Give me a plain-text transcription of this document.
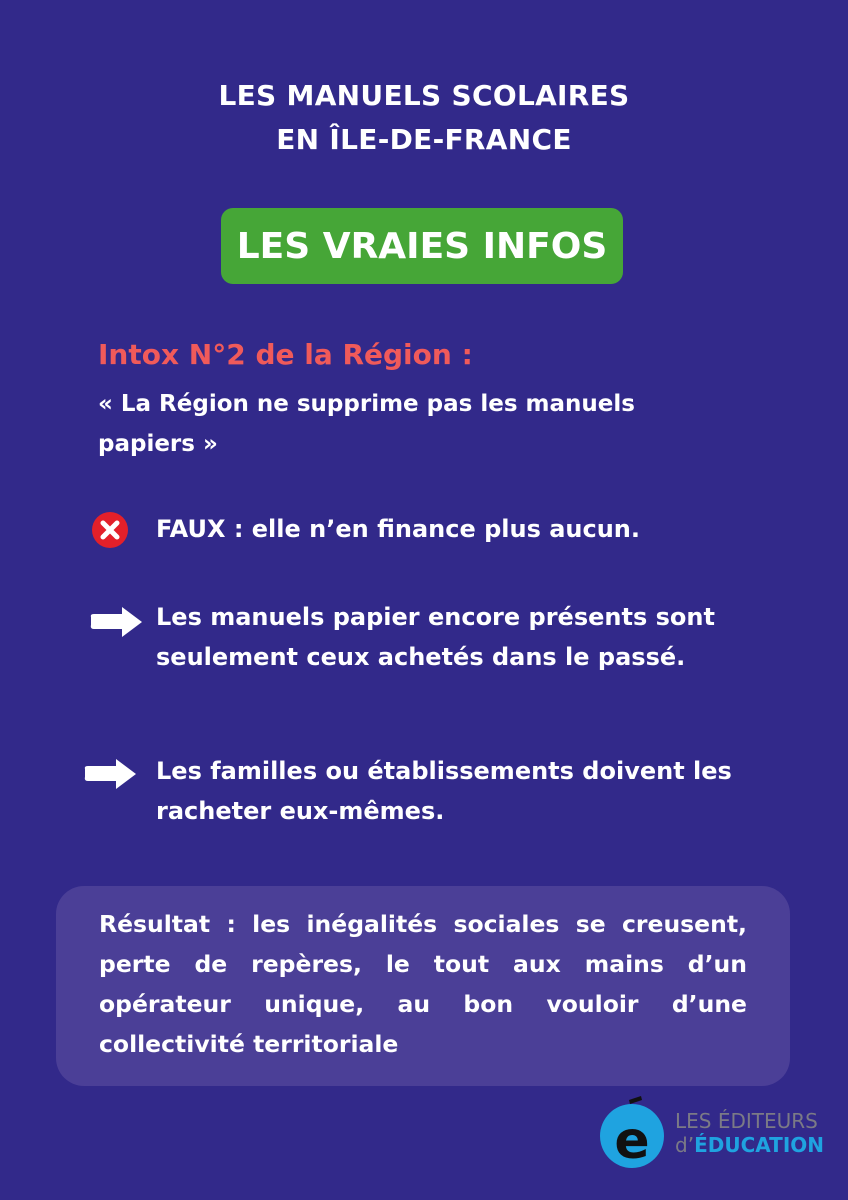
LES MANUELS SCOLAIRES
EN ÎLE-DE-FRANCE
LES VRAIES INFOS
Intox N°2 de la Région :
« La Région ne supprime pas les manuels papiers »
FAUX : elle n’en finance plus aucun.
Les manuels papier encore présents sont seulement ceux achetés dans le passé.
Les familles ou établissements doivent les racheter eux-mêmes.

Résultat : les inégalités sociales se creusent, perte de repères, le tout aux mains d’un opérateur unique, au bon vouloir d’une collectivité territoriale

e LES ÉDITEURS
d’ÉDUCATION
